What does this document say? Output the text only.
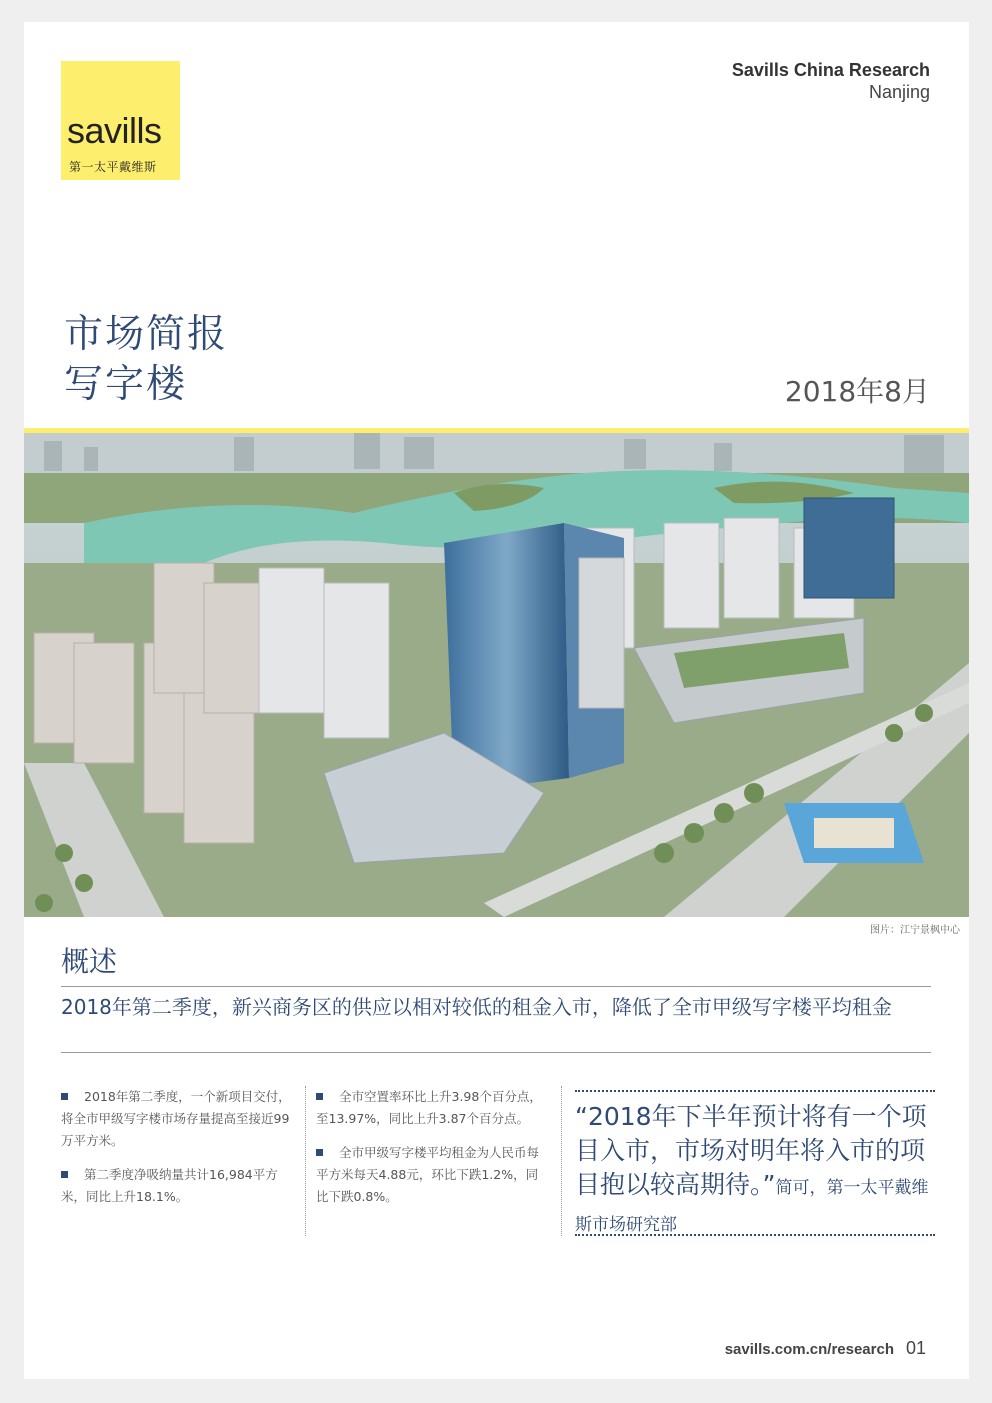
savills
第一太平戴维斯
Savills China Research
Nanjing
市场简报
写字楼	2018年8月
图片：江宁景枫中心
概述
2018年第二季度，新兴商务区的供应以相对较低的租金入市，降低了全市甲级写字楼平均租金
2018年第二季度，一个新项目交付，将全市甲级写字楼市场存量提高至接近99万平方米。
第二季度净吸纳量共计16,984平方米，同比上升18.1%。
全市空置率环比上升3.98个百分点，至13.97%，同比上升3.87个百分点。
全市甲级写字楼平均租金为人民币每平方米每天4.88元，环比下跌1.2%，同比下跌0.8%。
“2018年下半年预计将有一个项目入市，市场对明年将入市的项目抱以较高期待。”简可，第一太平戴维斯市场研究部
savills.com.cn/research 01
